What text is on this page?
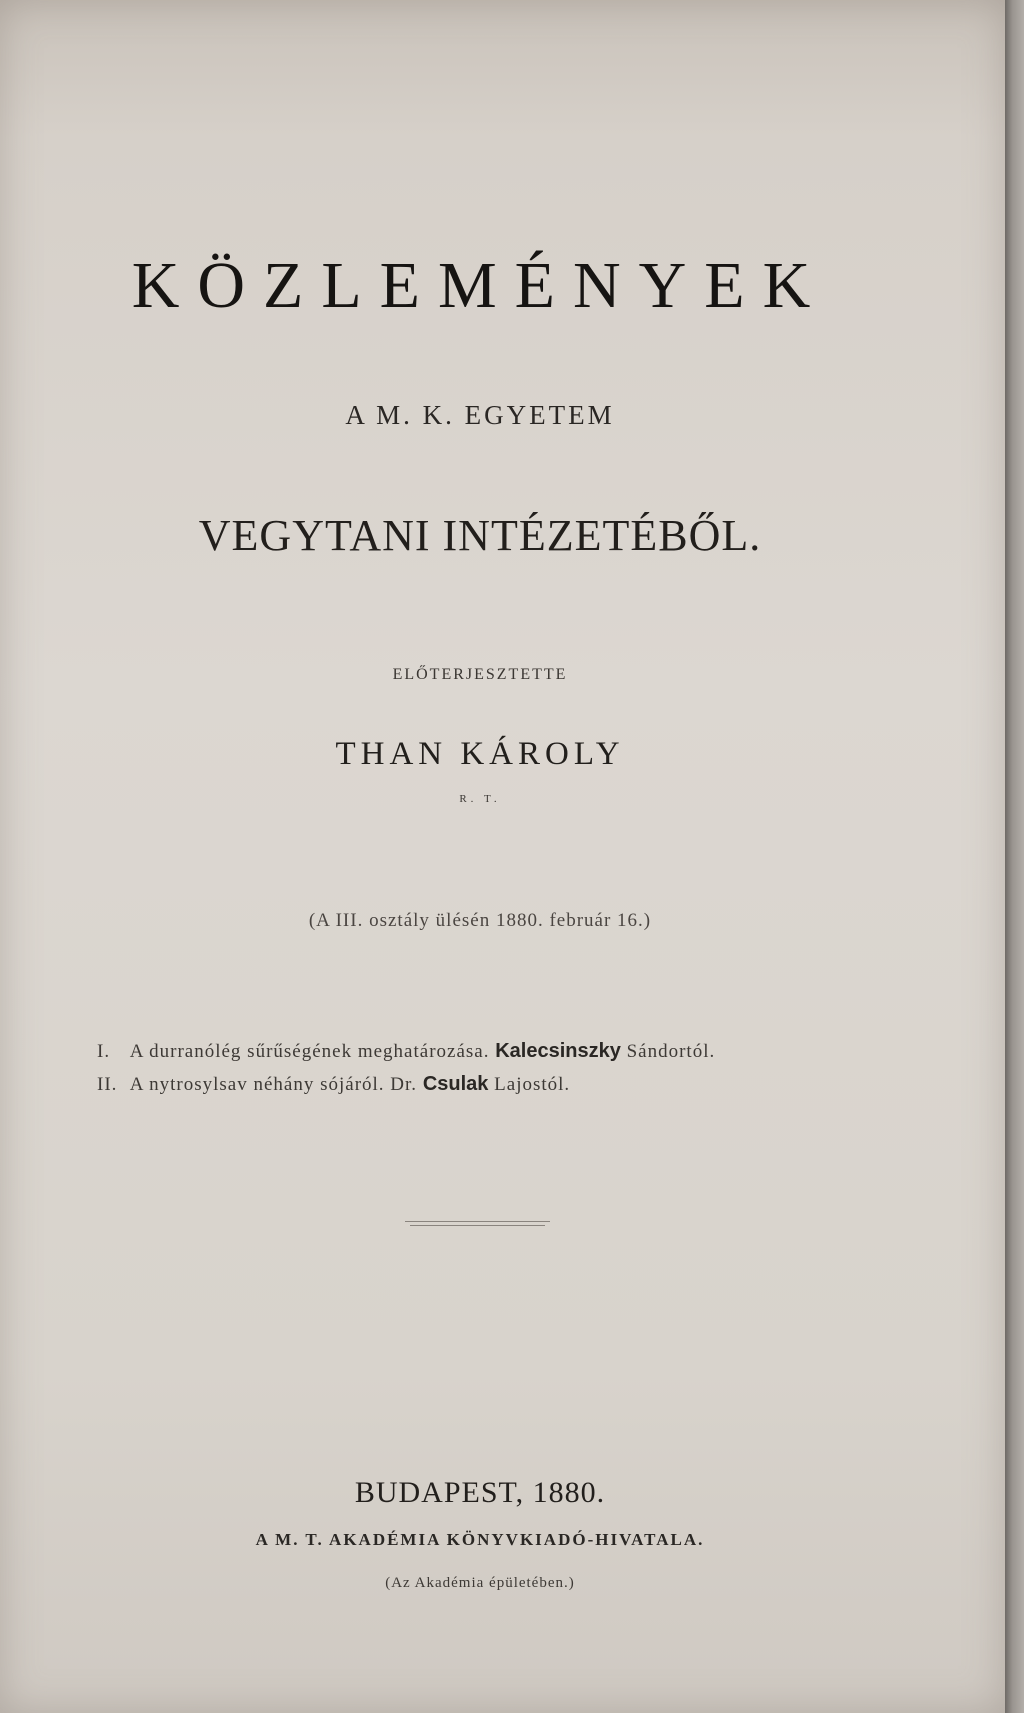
KÖZLEMÉNYEK
A M. K. EGYETEM
VEGYTANI INTÉZETÉBŐL.
ELŐTERJESZTETTE
THAN KÁROLY
R. T.
(A III. osztály ülésén 1880. február 16.)
I. A durranólég sűrűségének meghatározása. Kalecsinszky Sándortól.
II. A nytrosylsav néhány sójáról. Dr. Csulak Lajostól.
BUDAPEST, 1880.
A M. T. AKADÉMIA KÖNYVKIADÓ-HIVATALA.
(Az Akadémia épületében.)
